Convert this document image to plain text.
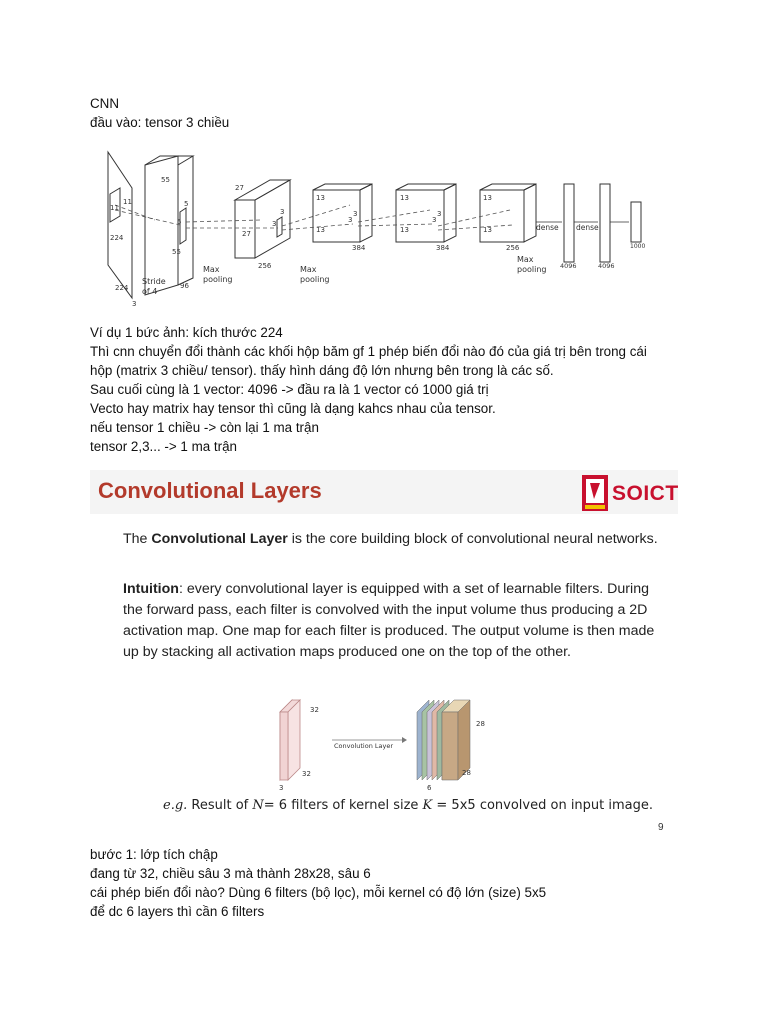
CNN
đầu vào: tensor 3 chiều
11
11
224
224
3
Stride
of 4
55
55
5
5
96
Max
pooling
27
27
3
3
256	Max
pooling
13
13
3
3
384
13
13
3
3
384
13
13
256
Max
pooling
dense dense
4096	4096
1000
Ví dụ 1 bức ảnh: kích thước 224
Thì cnn chuyển đổi thành các khối hộp băm gf 1 phép biến đổi nào đó của giá trị bên trong cái
hộp (matrix 3 chiều/ tensor). thấy hình dáng độ lớn nhưng bên trong là các số.
Sau cuối cùng là 1 vector: 4096 -> đầu ra là 1 vector có 1000 giá trị
Vecto hay matrix hay tensor thì cũng là dạng kahcs nhau của tensor.
nếu tensor 1 chiều -> còn lại 1 ma trận
tensor 2,3... -> 1 ma trận
Convolutional Layers	SOICT
The Convolutional Layer is the core building block of convolutional neural networks.
Intuition: every convolutional layer is equipped with a set of learnable filters. During the forward pass, each filter is convolved with the input volume thus producing a 2D activation map. One map for each filter is produced. The output volume is then made up by stacking all activation maps produced one on the top of the other.
32
32
3
Convolution Layer
28
28
6
e.g. Result of N= 6 filters of kernel size K = 5x5 convolved on input image.
9
bước 1: lớp tích chập
đang từ 32, chiều sâu 3 mà thành 28x28, sâu 6
cái phép biến đổi nào? Dùng 6 filters (bộ lọc), mỗi kernel có độ lớn (size) 5x5
để dc 6 layers thì cần 6 filters
